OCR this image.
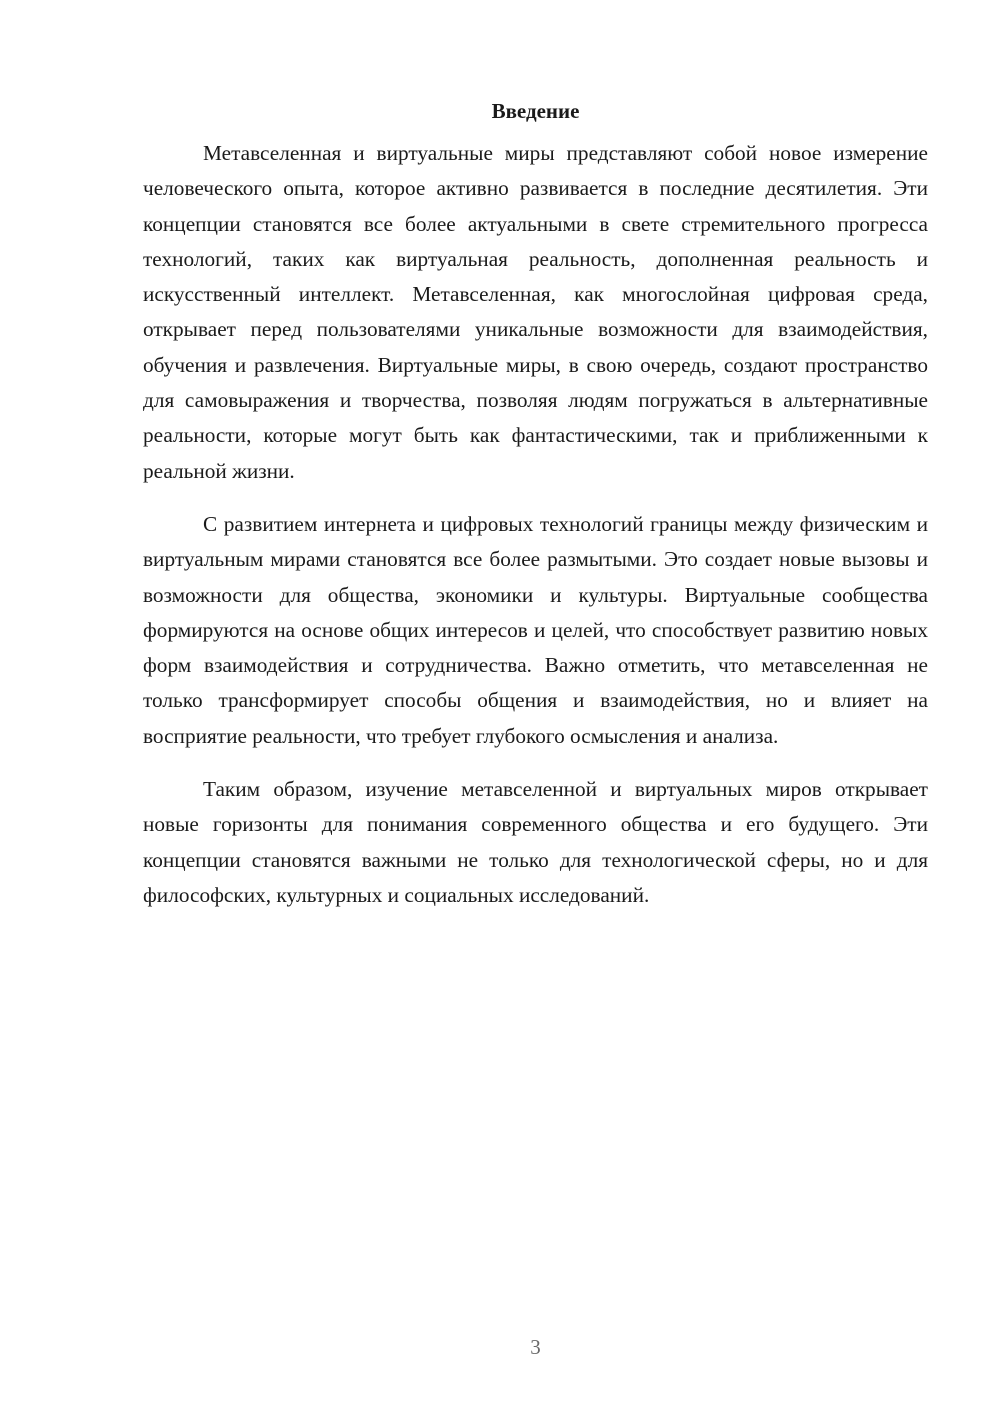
Введение

Метавселенная и виртуальные миры представляют собой новое измерение человеческого опыта, которое активно развивается в последние десятилетия. Эти концепции становятся все более актуальными в свете стремительного прогресса технологий, таких как виртуальная реальность, дополненная реальность и искусственный интеллект. Метавселенная, как многослойная цифровая среда, открывает перед пользователями уникальные возможности для взаимодействия, обучения и развлечения. Виртуальные миры, в свою очередь, создают пространство для самовыражения и творчества, позволяя людям погружаться в альтернативные реальности, которые могут быть как фантастическими, так и приближенными к реальной жизни.

С развитием интернета и цифровых технологий границы между физическим и виртуальным мирами становятся все более размытыми. Это создает новые вызовы и возможности для общества, экономики и культуры. Виртуальные сообщества формируются на основе общих интересов и целей, что способствует развитию новых форм взаимодействия и сотрудничества. Важно отметить, что метавселенная не только трансформирует способы общения и взаимодействия, но и влияет на восприятие реальности, что требует глубокого осмысления и анализа.

Таким образом, изучение метавселенной и виртуальных миров открывает новые горизонты для понимания современного общества и его будущего. Эти концепции становятся важными не только для технологической сферы, но и для философских, культурных и социальных исследований.

3
